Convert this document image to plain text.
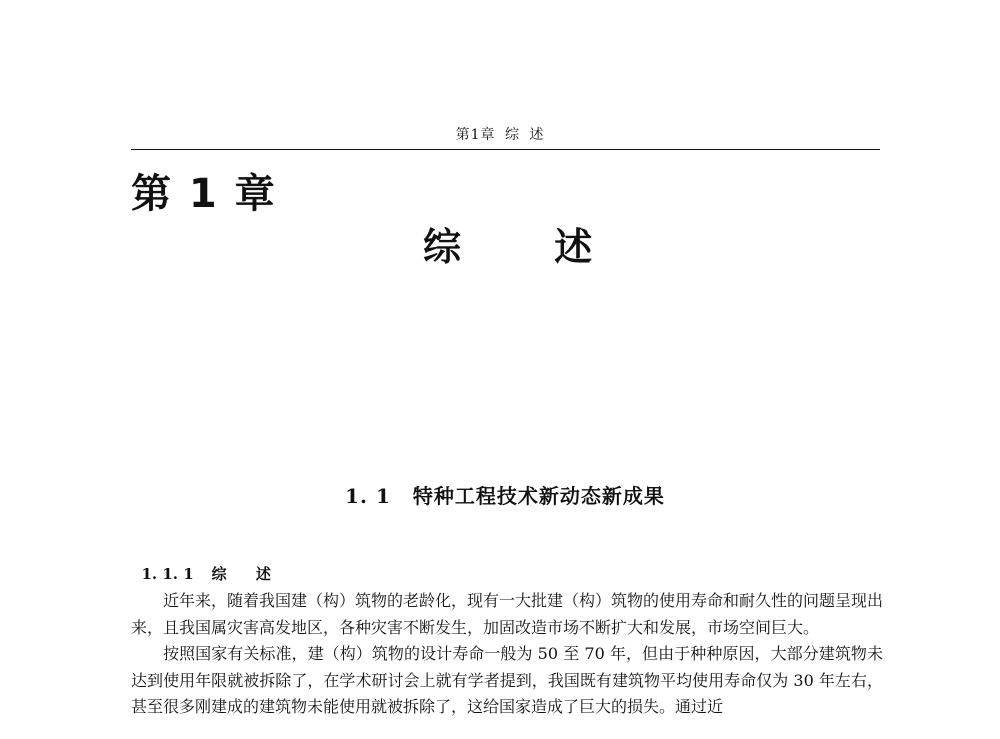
第1章 综 述
第 1 章
综 述
1. 1 特种工程技术新动态新成果

1. 1. 1 综 述

近年来，随着我国建（构）筑物的老龄化，现有一大批建（构）筑物的使用寿命和耐久性的问题呈现出来，且我国属灾害高发地区，各种灾害不断发生，加固改造市场不断扩大和发展，市场空间巨大。

按照国家有关标准，建（构）筑物的设计寿命一般为 50 至 70 年，但由于种种原因，大部分建筑物未达到使用年限就被拆除了，在学术研讨会上就有学者提到，我国既有建筑物平均使用寿命仅为 30 年左右，甚至很多刚建成的建筑物未能使用就被拆除了，这给国家造成了巨大的损失。通过近
